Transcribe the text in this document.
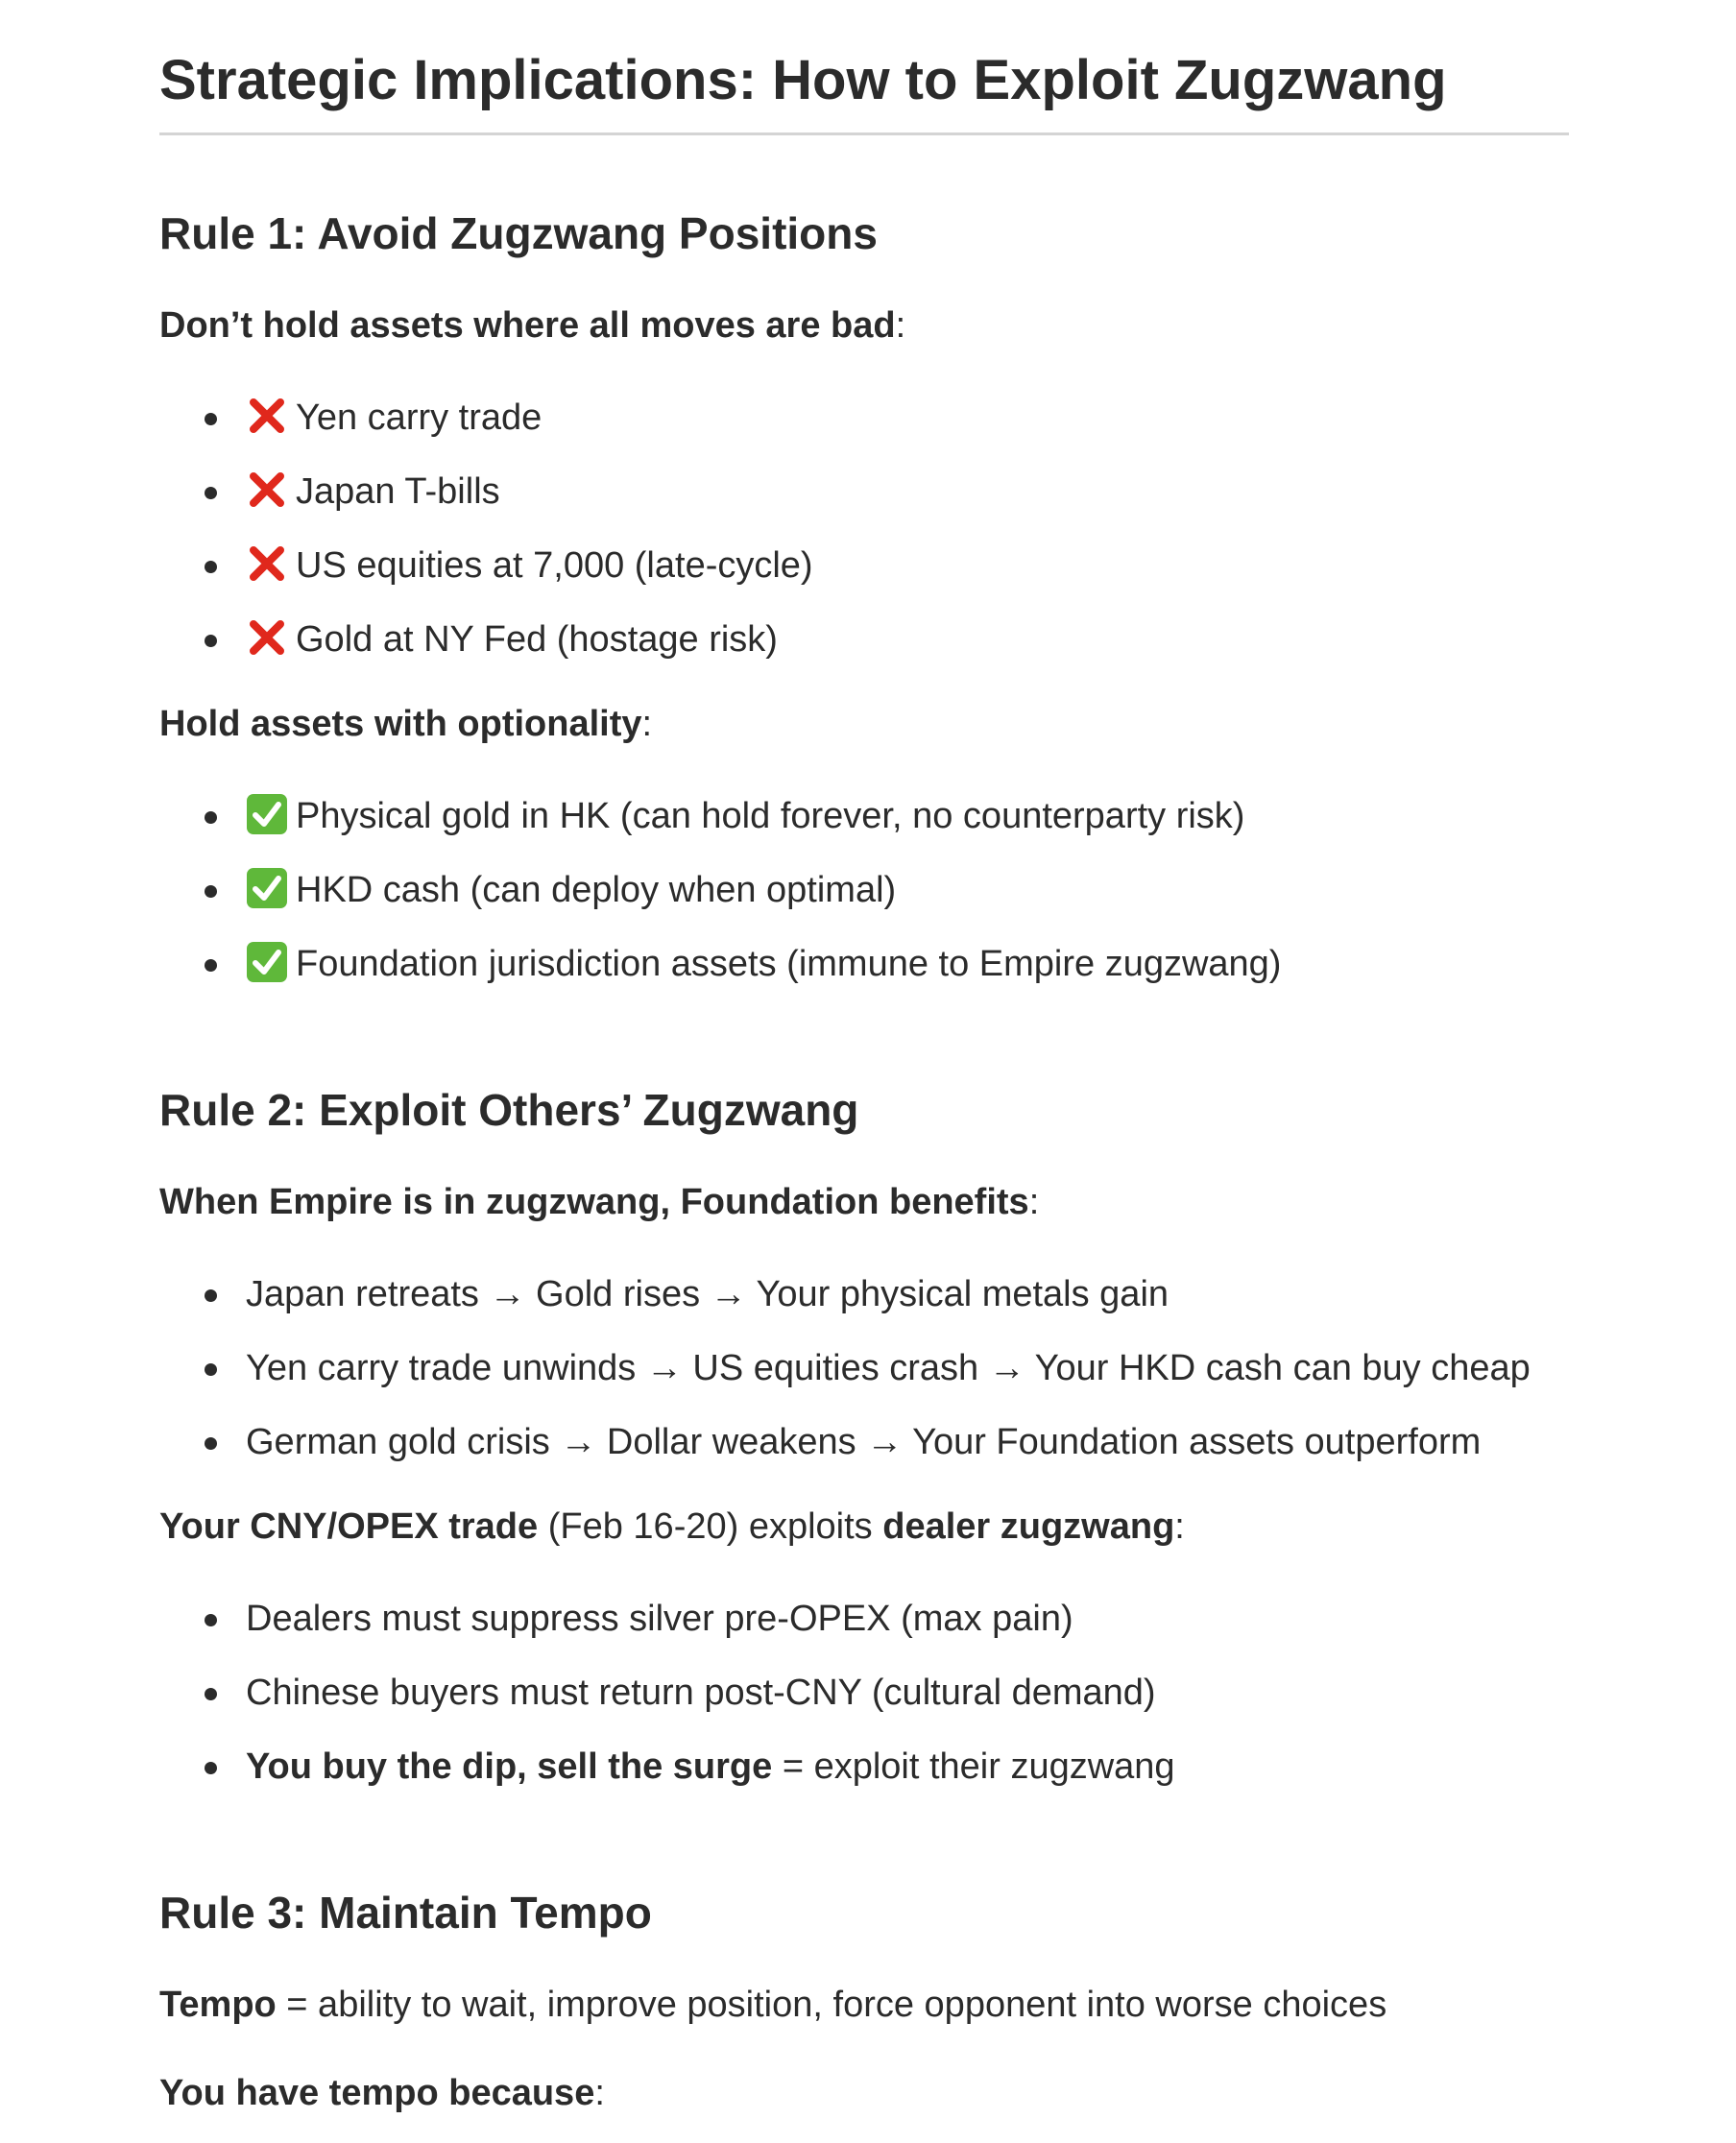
Strategic Implications: How to Exploit Zugzwang
Rule 1: Avoid Zugzwang Positions

Don’t hold assets where all moves are bad:

Yen carry trade
Japan T-bills
US equities at 7,000 (late-cycle)
Gold at NY Fed (hostage risk)

Hold assets with optionality:

Physical gold in HK (can hold forever, no counterparty risk)
HKD cash (can deploy when optimal)
Foundation jurisdiction assets (immune to Empire zugzwang)
Rule 2: Exploit Others’ Zugzwang

When Empire is in zugzwang, Foundation benefits:

Japan retreats → Gold rises → Your physical metals gain
Yen carry trade unwinds → US equities crash → Your HKD cash can buy cheap
German gold crisis → Dollar weakens → Your Foundation assets outperform

Your CNY/OPEX trade (Feb 16-20) exploits dealer zugzwang:

Dealers must suppress silver pre-OPEX (max pain)
Chinese buyers must return post-CNY (cultural demand)
You buy the dip, sell the surge = exploit their zugzwang
Rule 3: Maintain Tempo

Tempo = ability to wait, improve position, force opponent into worse choices

You have tempo because:
